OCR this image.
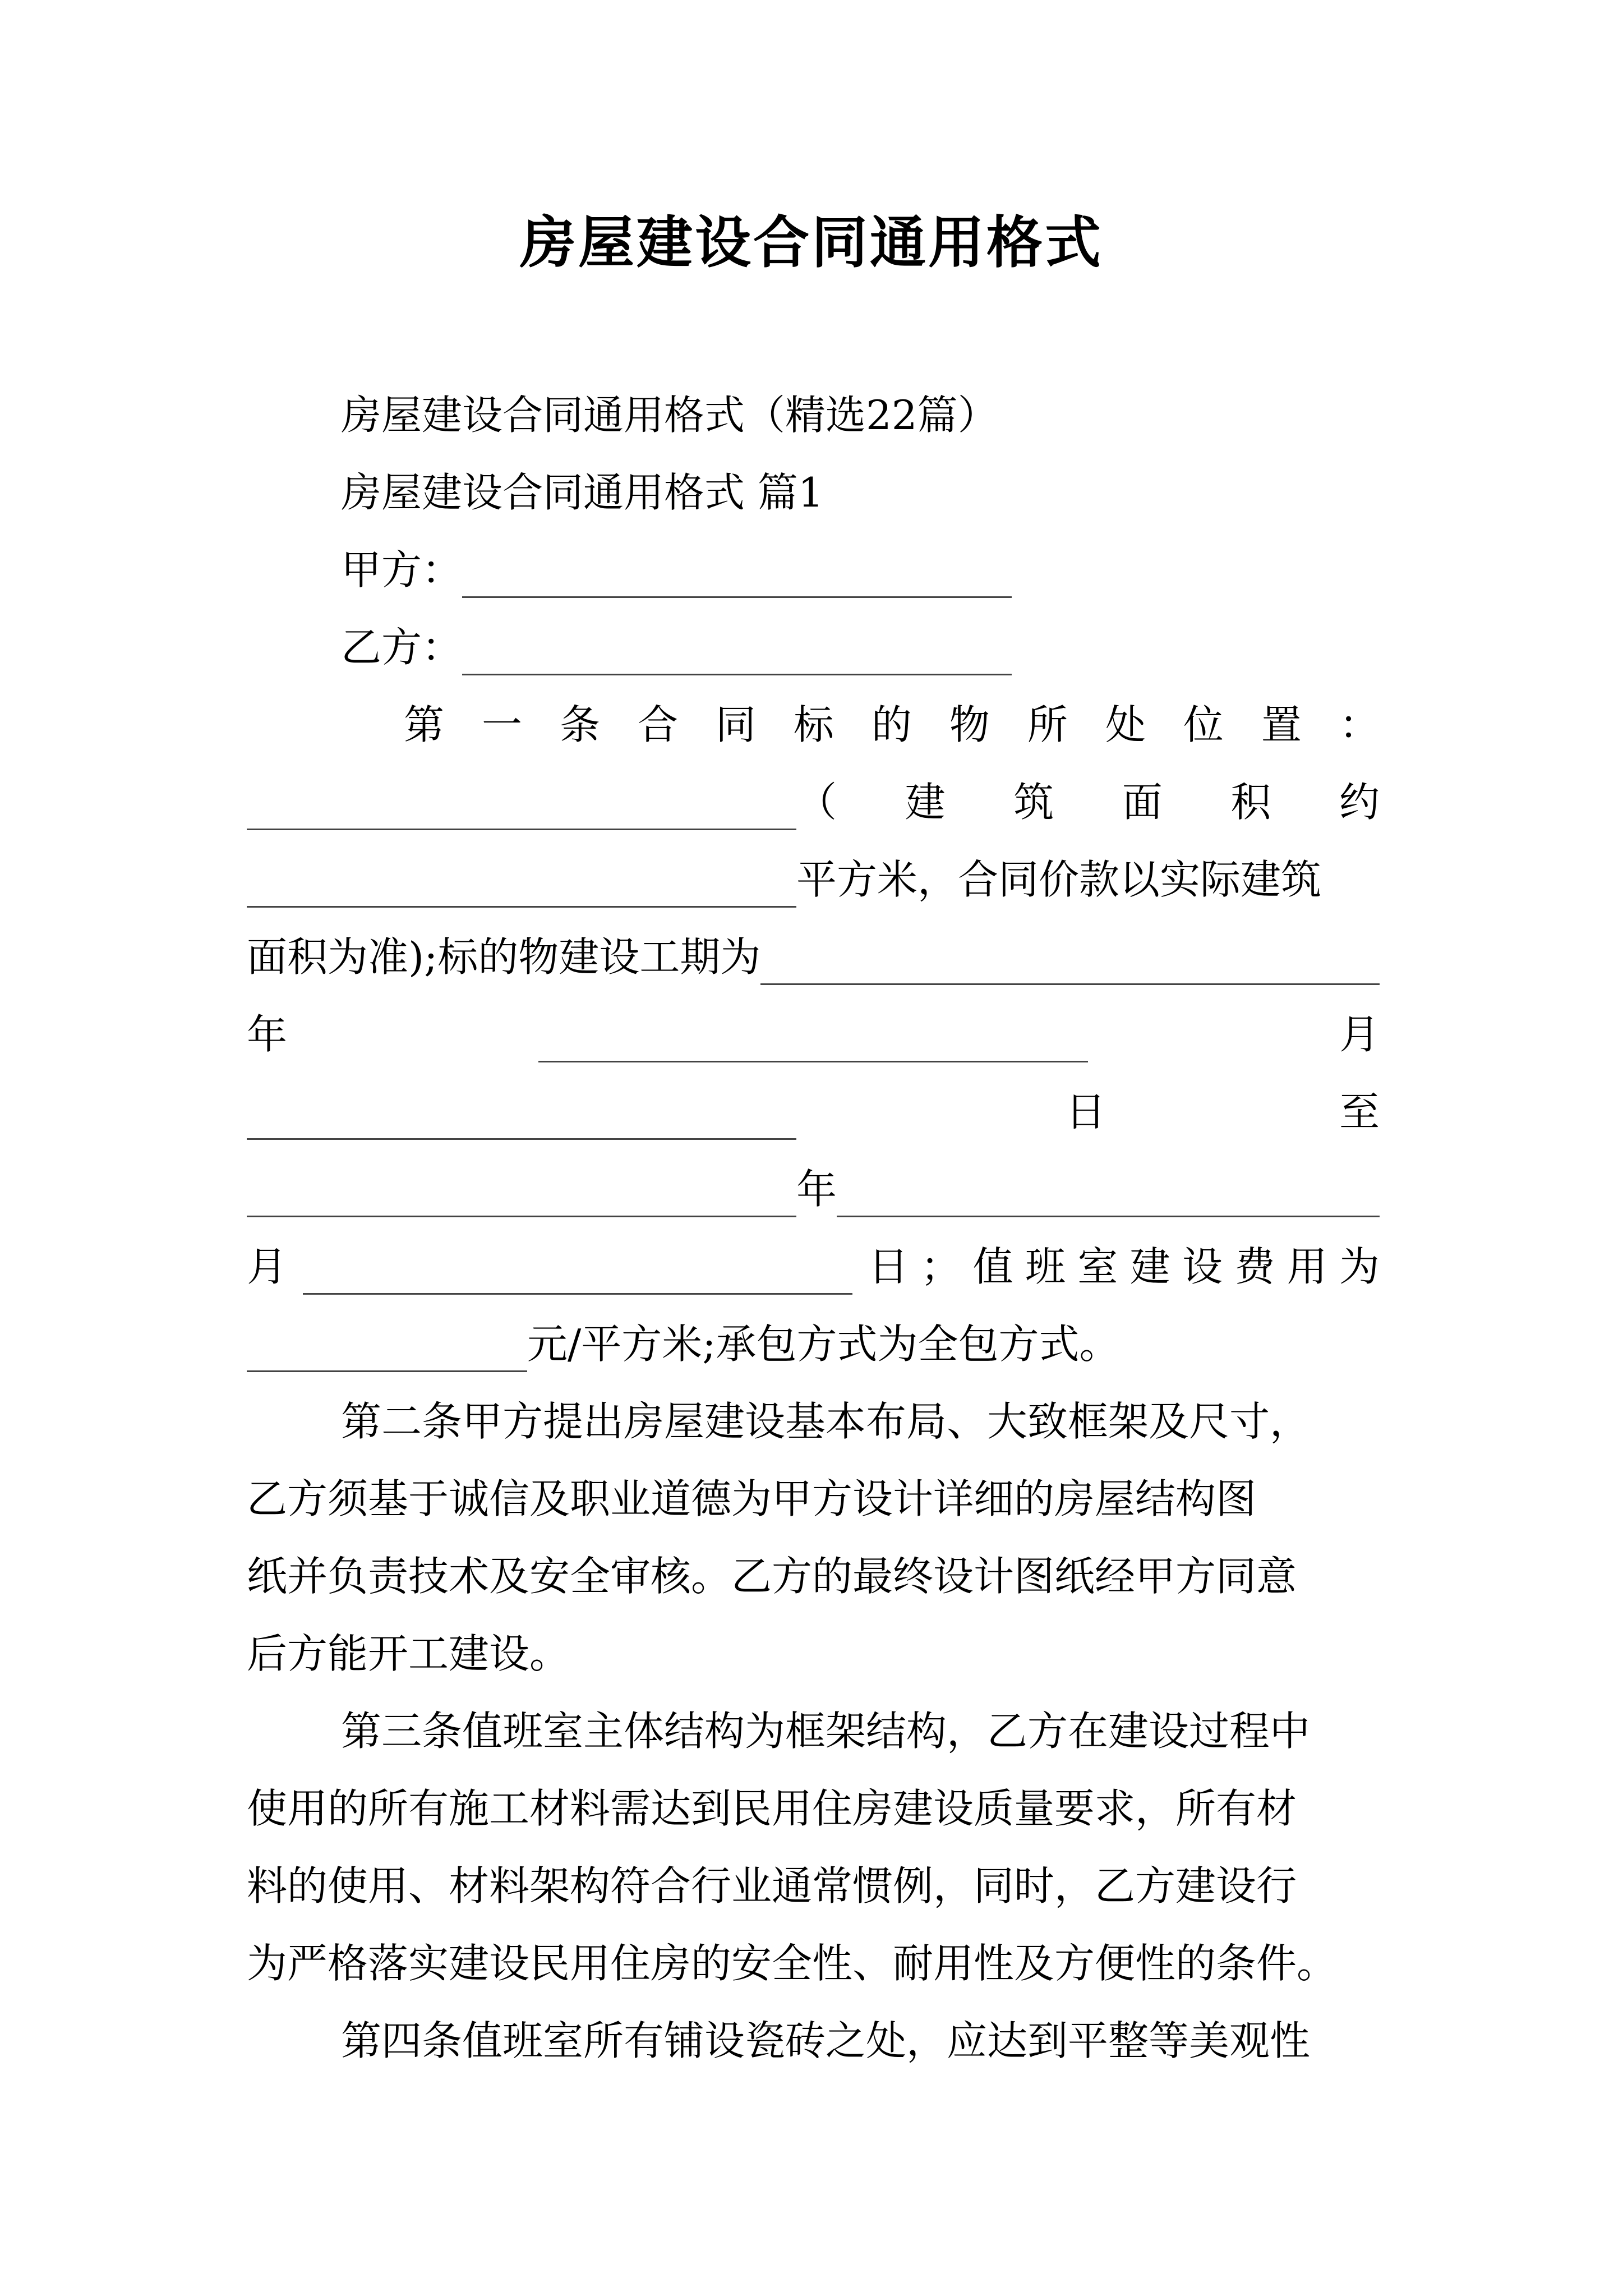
房屋建设合同通用格式
房屋建设合同通用格式（精选22篇）
房屋建设合同通用格式 篇1
甲方：
乙方：
第 一 条 合 同 标 的 物 所 处 位 置 ：
（ 建 筑 面 积 约
平方米，合同价款以实际建筑
面积为准);标的物建设工期为
年	月
日	至
年
月	日 ； 值 班 室 建 设 费 用 为
元/平方米;承包方式为全包方式。
第二条甲方提出房屋建设基本布局、大致框架及尺寸，
乙方须基于诚信及职业道德为甲方设计详细的房屋结构图
纸并负责技术及安全审核。乙方的最终设计图纸经甲方同意
后方能开工建设。
第三条值班室主体结构为框架结构，乙方在建设过程中
使用的所有施工材料需达到民用住房建设质量要求，所有材
料的使用、材料架构符合行业通常惯例，同时，乙方建设行
为严格落实建设民用住房的安全性、耐用性及方便性的条件。
第四条值班室所有铺设瓷砖之处，应达到平整等美观性
